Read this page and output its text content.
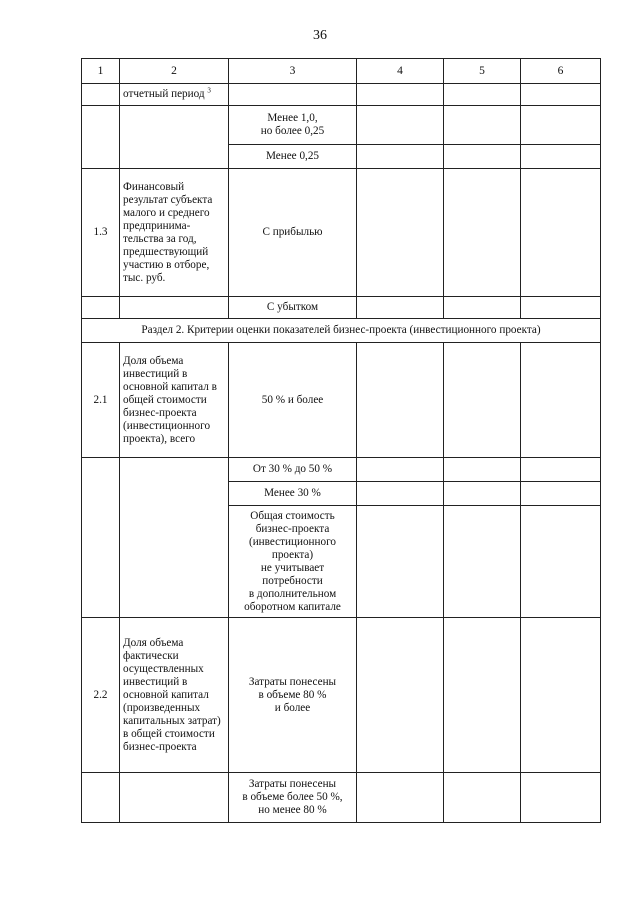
36
1	2	3	4	5	6
	отчетный период $^3$				
		Менее 1,0,
но более 0,25			
		Менее 0,25			
1.3	Финансовый результат субъекта малого и среднего предпринима-тельства за год, предшествующий участию в отборе, тыс. руб.	С прибылью			
		С убытком			
Раздел 2. Критерии оценки показателей бизнес-проекта (инвестиционного проекта)					
2.1	Доля объема инвестиций в основной капитал в общей стоимости бизнес-проекта (инвестиционного проекта), всего	50 % и более			
		От 30 % до 50 %			
		Менее 30 %			
		Общая стоимость бизнес-проекта (инвестиционного проекта)
не учитывает потребности
в дополнительном оборотном капитале			
2.2	Доля объема фактически осуществленных инвестиций в основной капитал (произведенных капитальных затрат) в общей стоимости бизнес-проекта	Затраты понесены
в объеме 80 %
и более			
		Затраты понесены
в объеме более 50 %,
но менее 80 %			
